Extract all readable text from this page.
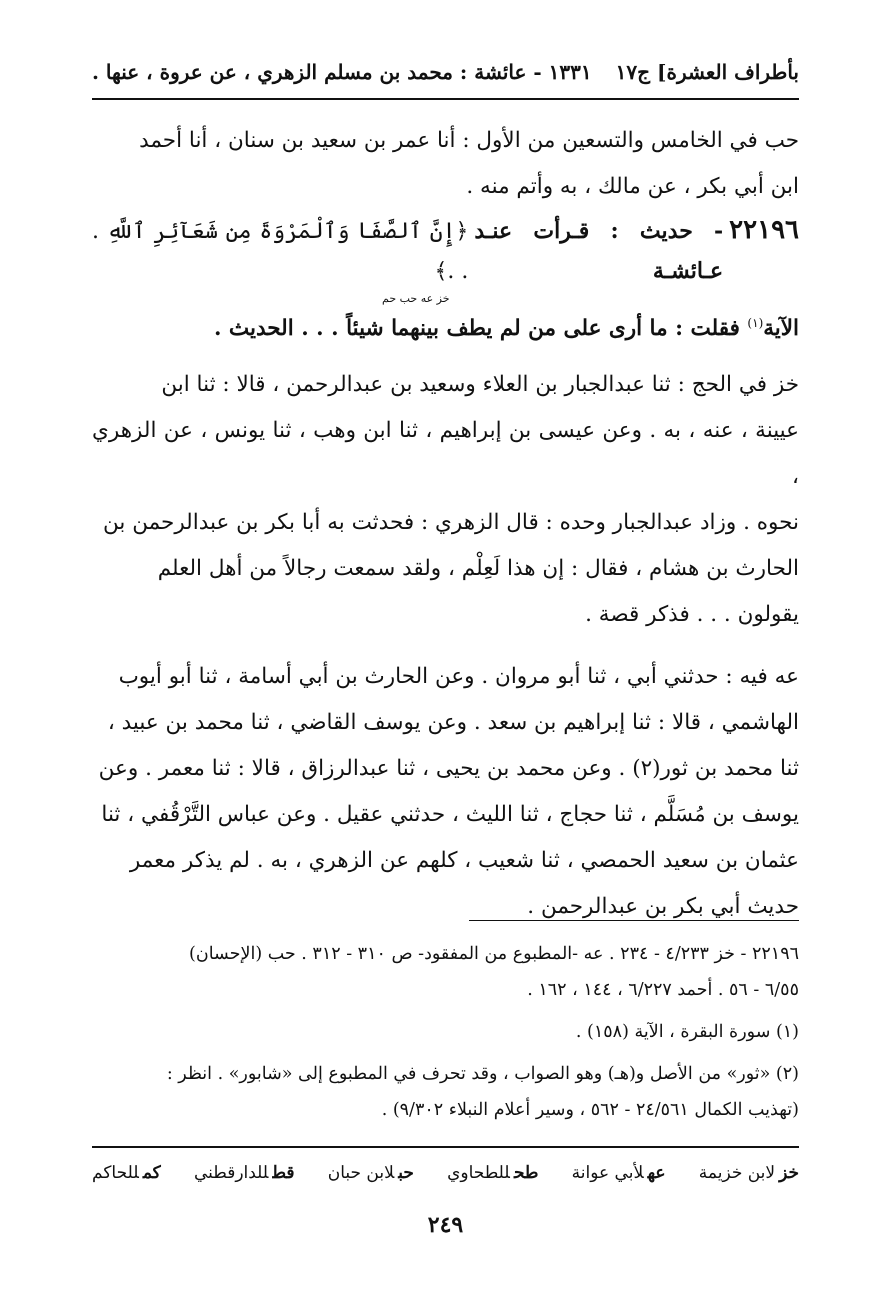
بأطراف العشرة] ج١٧
١٣٣١ - عائشة : محمد بن مسلم الزهري ، عن عروة ، عنها .

حب في الخامس والتسعين من الأول : أنا عمر بن سعيد بن سنان ، أنا أحمد

ابن أبي بكر ، عن مالك ، به وأتم منه .

٢٢١٩٦
- حديث : قـرأت عنـد عـائشـة
﴿إِنَّ ٱلصَّفَا وَٱلْمَرْوَةَ مِن شَعَآئِرِ ٱللَّهِ . . .﴾
خز عه حب حم

الآية$^{(١)}$ فقلت : ما أرى على من لم يطف بينهما شيئاً . . . الحديث .

خز في الحج : ثنا عبدالجبار بن العلاء وسعيد بن عبدالرحمن ، قالا : ثنا ابن

عيينة ، عنه ، به . وعن عيسى بن إبراهيم ، ثنا ابن وهب ، ثنا يونس ، عن الزهري ،

نحوه . وزاد عبدالجبار وحده : قال الزهري : فحدثت به أبا بكر بن عبدالرحمن بن

الحارث بن هشام ، فقال : إن هذا لَعِلْم ، ولقد سمعت رجالاً من أهل العلم

يقولون . . . فذكر قصة .

عه فيه : حدثني أبي ، ثنا أبو مروان . وعن الحارث بن أبي أسامة ، ثنا أبو أيوب

الهاشمي ، قالا : ثنا إبراهيم بن سعد . وعن يوسف القاضي ، ثنا محمد بن عبيد ،

ثنا محمد بن ثور(٢) . وعن محمد بن يحيى ، ثنا عبدالرزاق ، قالا : ثنا معمر . وعن

يوسف بن مُسَلَّم ، ثنا حجاج ، ثنا الليث ، حدثني عقيل . وعن عباس التَّرْقُفي ، ثنا

عثمان بن سعيد الحمصي ، ثنا شعيب ، كلهم عن الزهري ، به . لم يذكر معمر

حديث أبي بكر بن عبدالرحمن .

٢٢١٩٦ - خز ٤/٢٣٣ - ٢٣٤ . عه -المطبوع من المفقود- ص ٣١٠ - ٣١٢ . حب (الإحسان)

٦/٥٥ - ٥٦ . أحمد ٦/٢٢٧ ، ١٤٤ ، ١٦٢ .

(١) سورة البقرة ، الآية (١٥٨) .

(٢) «ثور» من الأصل و(هـ) وهو الصواب ، وقد تحرف في المطبوع إلى «شابور» . انظر :

(تهذيب الكمال ٢٤/٥٦١ - ٥٦٢ ، وسير أعلام النبلاء ٩/٣٠٢) .

خزلابن خزيمة
عهلأبي عوانة
طحللطحاوي
حبلابن حبان
قطللدارقطني
كمللحاكم
٢٤٩
